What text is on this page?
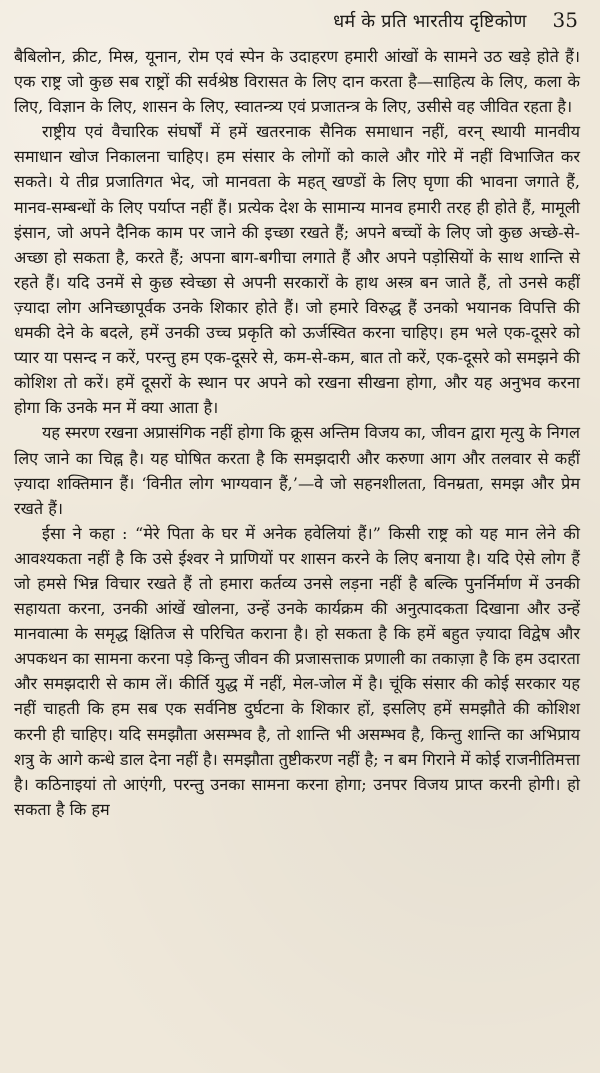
धर्म के प्रति भारतीय दृष्टिकोण 35

बैबिलोन, क्रीट, मिस्र, यूनान, रोम एवं स्पेन के उदाहरण हमारी आंखों के सामने उठ खड़े होते हैं। एक राष्ट्र जो कुछ सब राष्ट्रों की सर्वश्रेष्ठ विरासत के लिए दान करता है—साहित्य के लिए, कला के लिए, विज्ञान के लिए, शासन के लिए, स्वातन्त्र्य एवं प्रजातन्त्र के लिए, उसीसे वह जीवित रहता है।

राष्ट्रीय एवं वैचारिक संघर्षों में हमें खतरनाक सैनिक समाधान नहीं, वरन् स्थायी मानवीय समाधान खोज निकालना चाहिए। हम संसार के लोगों को काले और गोरे में नहीं विभाजित कर सकते। ये तीव्र प्रजातिगत भेद, जो मानवता के महत् खण्डों के लिए घृणा की भावना जगाते हैं, मानव-सम्बन्धों के लिए पर्याप्त नहीं हैं। प्रत्येक देश के सामान्य मानव हमारी तरह ही होते हैं, मामूली इंसान, जो अपने दैनिक काम पर जाने की इच्छा रखते हैं; अपने बच्चों के लिए जो कुछ अच्छे-से-अच्छा हो सकता है, करते हैं; अपना बाग-बगीचा लगाते हैं और अपने पड़ोसियों के साथ शान्ति से रहते हैं। यदि उनमें से कुछ स्वेच्छा से अपनी सरकारों के हाथ अस्त्र बन जाते हैं, तो उनसे कहीं ज़्यादा लोग अनिच्छापूर्वक उनके शिकार होते हैं। जो हमारे विरुद्ध हैं उनको भयानक विपत्ति की धमकी देने के बदले, हमें उनकी उच्च प्रकृति को ऊर्जस्वित करना चाहिए। हम भले एक-दूसरे को प्यार या पसन्द न करें, परन्तु हम एक-दूसरे से, कम-से-कम, बात तो करें, एक-दूसरे को समझने की कोशिश तो करें। हमें दूसरों के स्थान पर अपने को रखना सीखना होगा, और यह अनुभव करना होगा कि उनके मन में क्या आता है।

यह स्मरण रखना अप्रासंगिक नहीं होगा कि क्रूस अन्तिम विजय का, जीवन द्वारा मृत्यु के निगल लिए जाने का चिह्न है। यह घोषित करता है कि समझदारी और करुणा आग और तलवार से कहीं ज़्यादा शक्तिमान हैं। ‘विनीत लोग भाग्यवान हैं,’—वे जो सहनशीलता, विनम्रता, समझ और प्रेम रखते हैं।

ईसा ने कहा : “मेरे पिता के घर में अनेक हवेलियां हैं।” किसी राष्ट्र को यह मान लेने की आवश्यकता नहीं है कि उसे ईश्वर ने प्राणियों पर शासन करने के लिए बनाया है। यदि ऐसे लोग हैं जो हमसे भिन्न विचार रखते हैं तो हमारा कर्तव्य उनसे लड़ना नहीं है बल्कि पुनर्निर्माण में उनकी सहायता करना, उनकी आंखें खोलना, उन्हें उनके कार्यक्रम की अनुत्पादकता दिखाना और उन्हें मानवात्मा के समृद्ध क्षितिज से परिचित कराना है। हो सकता है कि हमें बहुत ज़्यादा विद्वेष और अपकथन का सामना करना पड़े किन्तु जीवन की प्रजासत्ताक प्रणाली का तकाज़ा है कि हम उदारता और समझदारी से काम लें। कीर्ति युद्ध में नहीं, मेल-जोल में है। चूंकि संसार की कोई सरकार यह नहीं चाहती कि हम सब एक सर्वनिष्ठ दुर्घटना के शिकार हों, इसलिए हमें समझौते की कोशिश करनी ही चाहिए। यदि समझौता असम्भव है, तो शान्ति भी असम्भव है, किन्तु शान्ति का अभिप्राय शत्रु के आगे कन्धे डाल देना नहीं है। समझौता तुष्टीकरण नहीं है; न बम गिराने में कोई राजनीतिमत्ता है। कठिनाइयां तो आएंगी, परन्तु उनका सामना करना होगा; उनपर विजय प्राप्त करनी होगी। हो सकता है कि हम
